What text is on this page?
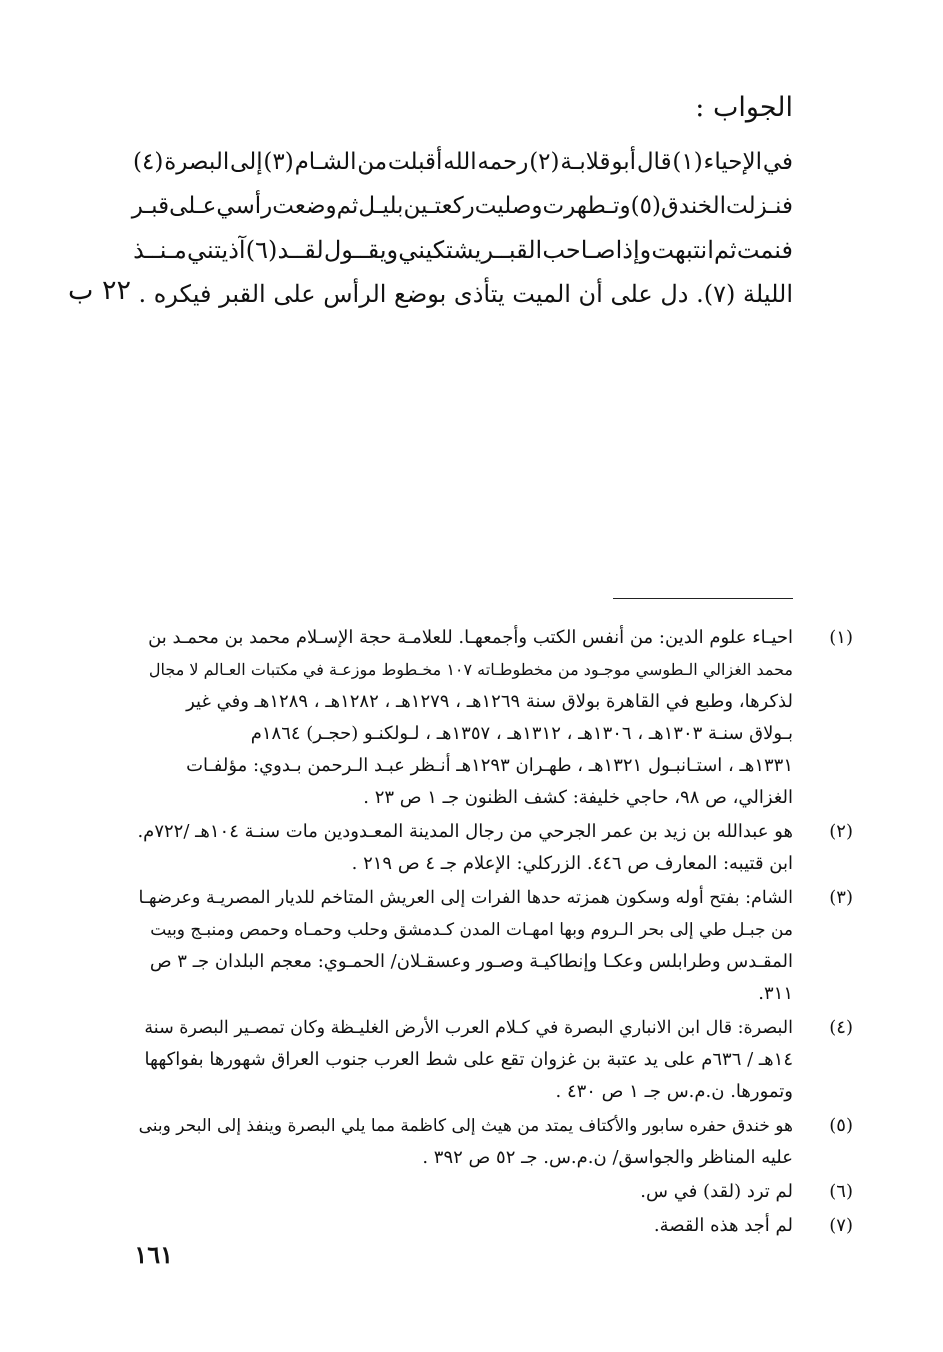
الجواب :
في
الإحياء
(١)
قال
أبو
قلابـة
(٢)
رحمه
الله
أقبلت
من
الشـام
(٣)
إلى
البصرة
(٤)
فنـزلت
الخندق
(٥)
وتـطهرت
وصليت
ركعتـين
بليـل
ثم
وضعت
رأسي
عـلى
قبـر
فنمت
ثم
انتبهت
وإذا
صـاحب
القبــر
يشتكيني
ويقــول
لقــد
(٦)
آذيتني
مـنــذ
الليلة (٧). دل على أن الميت يتأذى بوضع الرأس على القبر فيكره .
٢٢ ب
(١)
احيـاء علوم الدين: من أنفس الكتب وأجمعهـا. للعلامـة حجة الإسـلام محمد بن محمـد بن
محمد الغزالي الـطوسي موجـود من مخطوطـاته ١٠٧ مخـطوط موزعـة في مكتبات العـالم لا مجال
لذكرها، وطبع في القاهرة بولاق سنة ١٢٦٩هـ ، ١٢٧٩هـ ، ١٢٨٢هـ ، ١٢٨٩هـ وفي غير
بـولاق سنـة ١٣٠٣هـ ، ١٣٠٦هـ ، ١٣١٢هـ ، ١٣٥٧هـ ، لـولكنـو (حجـر) ١٨٦٤م
١٣٣١هـ ، استـانبـول ١٣٢١هـ ، طهـران ١٢٩٣هـ أنـظر عبـد الـرحمن بـدوي: مؤلفـات
الغزالي، ص ٩٨، حاجي خليفة: كشف الظنون جـ ١ ص ٢٣ .
(٢)
هو عبدالله بن زيد بن عمر الجرحي من رجال المدينة المعـدودين مات سنـة ١٠٤هـ /٧٢٢م.
ابن قتيبه: المعارف ص ٤٤٦. الزركلي: الإعلام جـ ٤ ص ٢١٩ .
(٣)
الشام: بفتح أوله وسكون همزته حدها الفرات إلى العريش المتاخم للديار المصريـة وعرضهـا
من جبـل طي إلى بحر الـروم وبها امهـات المدن كـدمشق وحلب وحمـاه وحمص ومنبـج وبيت
المقـدس وطرابلس وعكـا وإنطاكيـة وصـور وعسقـلان/ الحمـوي: معجم البلدان جـ ٣ ص
٣١١.
(٤)
البصرة: قال ابن الانباري البصرة في كـلام العرب الأرض الغليـظة وكان تمصـير البصرة سنة
١٤هـ / ٦٣٦م على يد عتبة بن غزوان تقع على شط العرب جنوب العراق شهورها بفواكهها
وتمورها. ن.م.س جـ ١ ص ٤٣٠ .
(٥)
هو خندق حفره سابور والأكتاف يمتد من هيث إلى كاظمة مما يلي البصرة وينفذ إلى البحر وبنى
عليه المناظر والجواسق/ ن.م.س. جـ ٥٢ ص ٣٩٢ .
(٦)
لم ترد (لقد) في س.
(٧)
لم أجد هذه القصة.
١٦١
